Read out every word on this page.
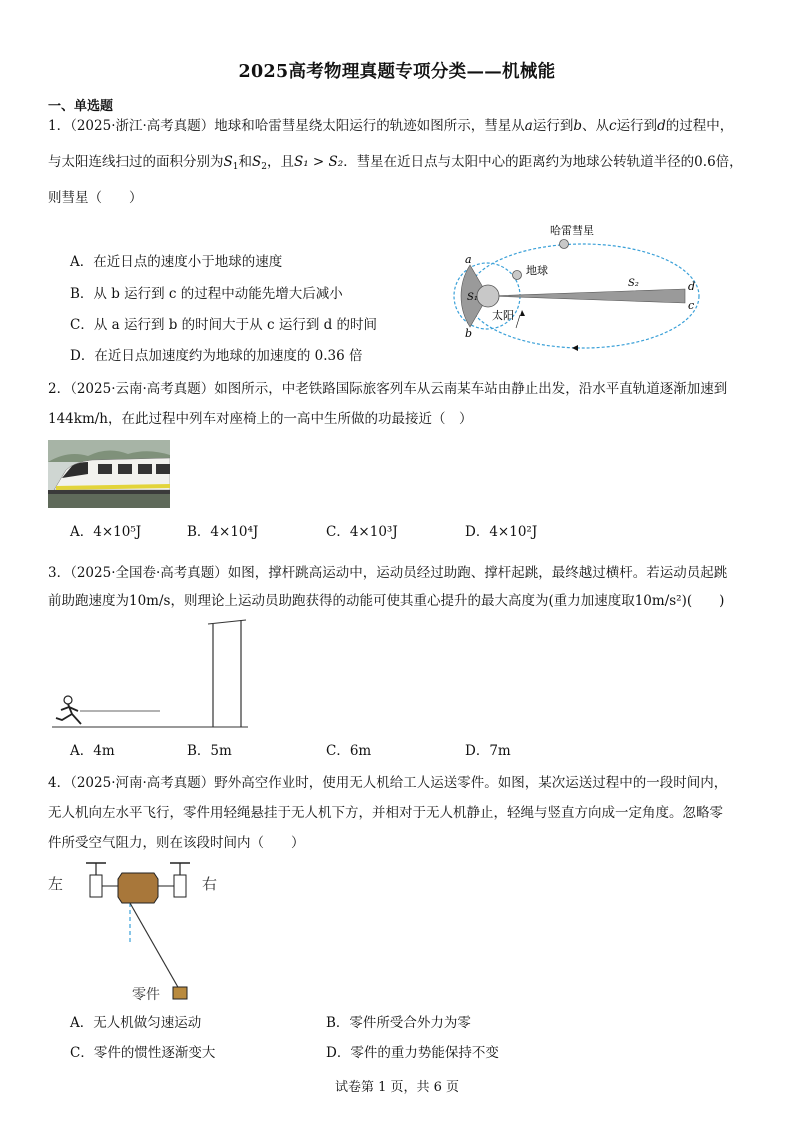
2025高考物理真题专项分类——机械能
一、单选题
1．（2025·浙江·高考真题）地球和哈雷彗星绕太阳运行的轨迹如图所示，彗星从a运行到b、从c运行到d的过程中，
与太阳连线扫过的面积分别为$S_1$和$S_2$，且S₁ > S₂．彗星在近日点与太阳中心的距离约为地球公转轨道半径的0.6倍，
则彗星（　　）
A．在近日点的速度小于地球的速度
B．从 b 运行到 c 的过程中动能先增大后减小
C．从 a 运行到 b 的时间大于从 c 运行到 d 的时间
D．在近日点加速度约为地球的加速度的 0.36 倍
哈雷彗星
地球
太阳
S₁
S₂
a
b
c
d
2．（2025·云南·高考真题）如图所示，中老铁路国际旅客列车从云南某车站由静止出发，沿水平直轨道逐渐加速到
144km/h，在此过程中列车对座椅上的一高中生所做的功最接近（　）
A．4×10⁵J	B．4×10⁴J	C．4×10³J	D．4×10²J
3．（2025·全国卷·高考真题）如图，撑杆跳高运动中，运动员经过助跑、撑杆起跳，最终越过横杆。若运动员起跳
前助跑速度为10m/s，则理论上运动员助跑获得的动能可使其重心提升的最大高度为(重力加速度取10m/s²)(　　)
A．4m	B．5m	C．6m	D．7m
4．（2025·河南·高考真题）野外高空作业时，使用无人机给工人运送零件。如图，某次运送过程中的一段时间内，
无人机向左水平飞行，零件用轻绳悬挂于无人机下方，并相对于无人机静止，轻绳与竖直方向成一定角度。忽略零
件所受空气阻力，则在该段时间内（　　）
左	右
零件
A．无人机做匀速运动	B．零件所受合外力为零
C．零件的惯性逐渐变大	D．零件的重力势能保持不变
试卷第 1 页，共 6 页
